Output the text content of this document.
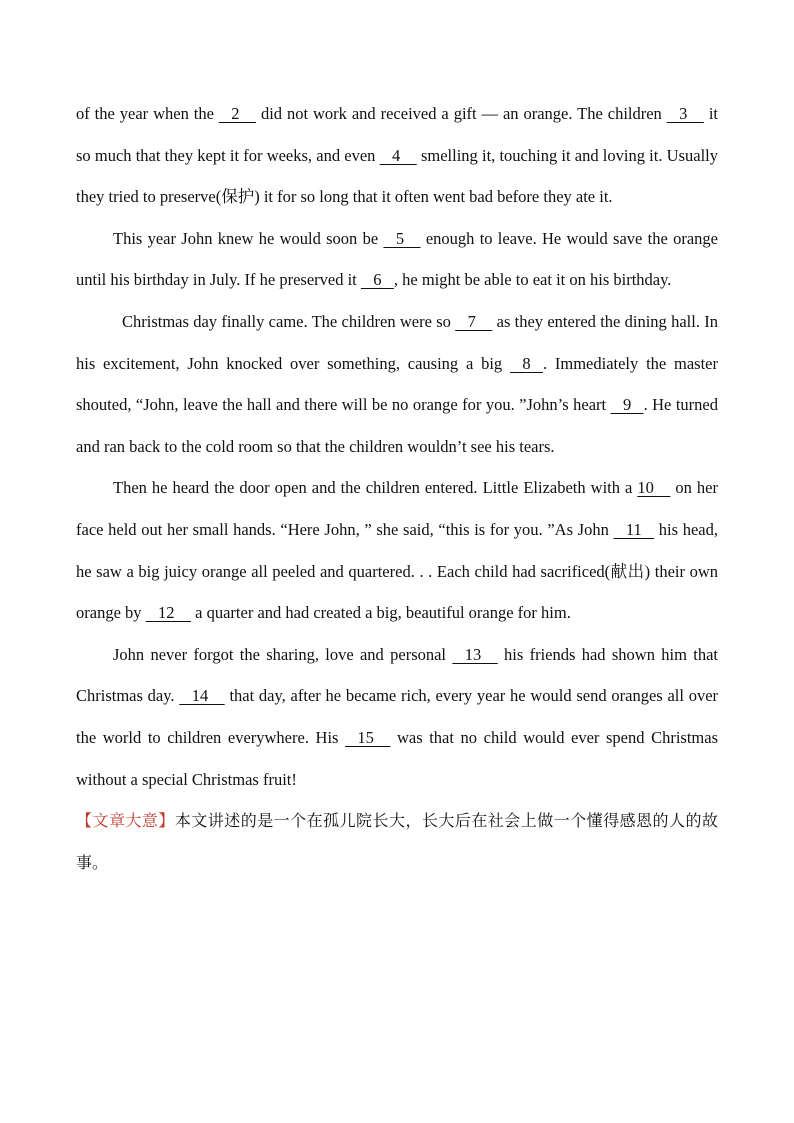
of the year when the    2     did not work and received a gift — an orange. The children    3     it so much that they kept it for weeks, and even    4     smelling it, touching it and loving it. Usually they tried to preserve(保护) it for so long that it often went bad before they ate it.

This year John knew he would soon be    5     enough to leave. He would save the orange until his birthday in July. If he preserved it    6   , he might be able to eat it on his birthday.

Christmas day finally came. The children were so    7     as they entered the dining hall. In his excitement, John knocked over something, causing a big    8   . Immediately the master shouted, “John, leave the hall and there will be no orange for you. ”John’s heart    9   . He turned and ran back to the cold room so that the children wouldn’t see his tears.

Then he heard the door open and the children entered. Little Elizabeth with a 10     on her face held out her small hands. “Here John, ” she said, “this is for you. ”As John    11    his head, he saw a big juicy orange all peeled and quartered. . . Each child had sacrificed(献出) their own orange by    12     a quarter and had created a big, beautiful orange for him.

John never forgot the sharing, love and personal    13     his friends had shown him that Christmas day.    14     that day, after he became rich, every year he would send oranges all over the world to children everywhere. His    15     was that no child would ever spend Christmas without a special Christmas fruit!

【文章大意】本文讲述的是一个在孤儿院长大，长大后在社会上做一个懂得感恩的人的故事。
